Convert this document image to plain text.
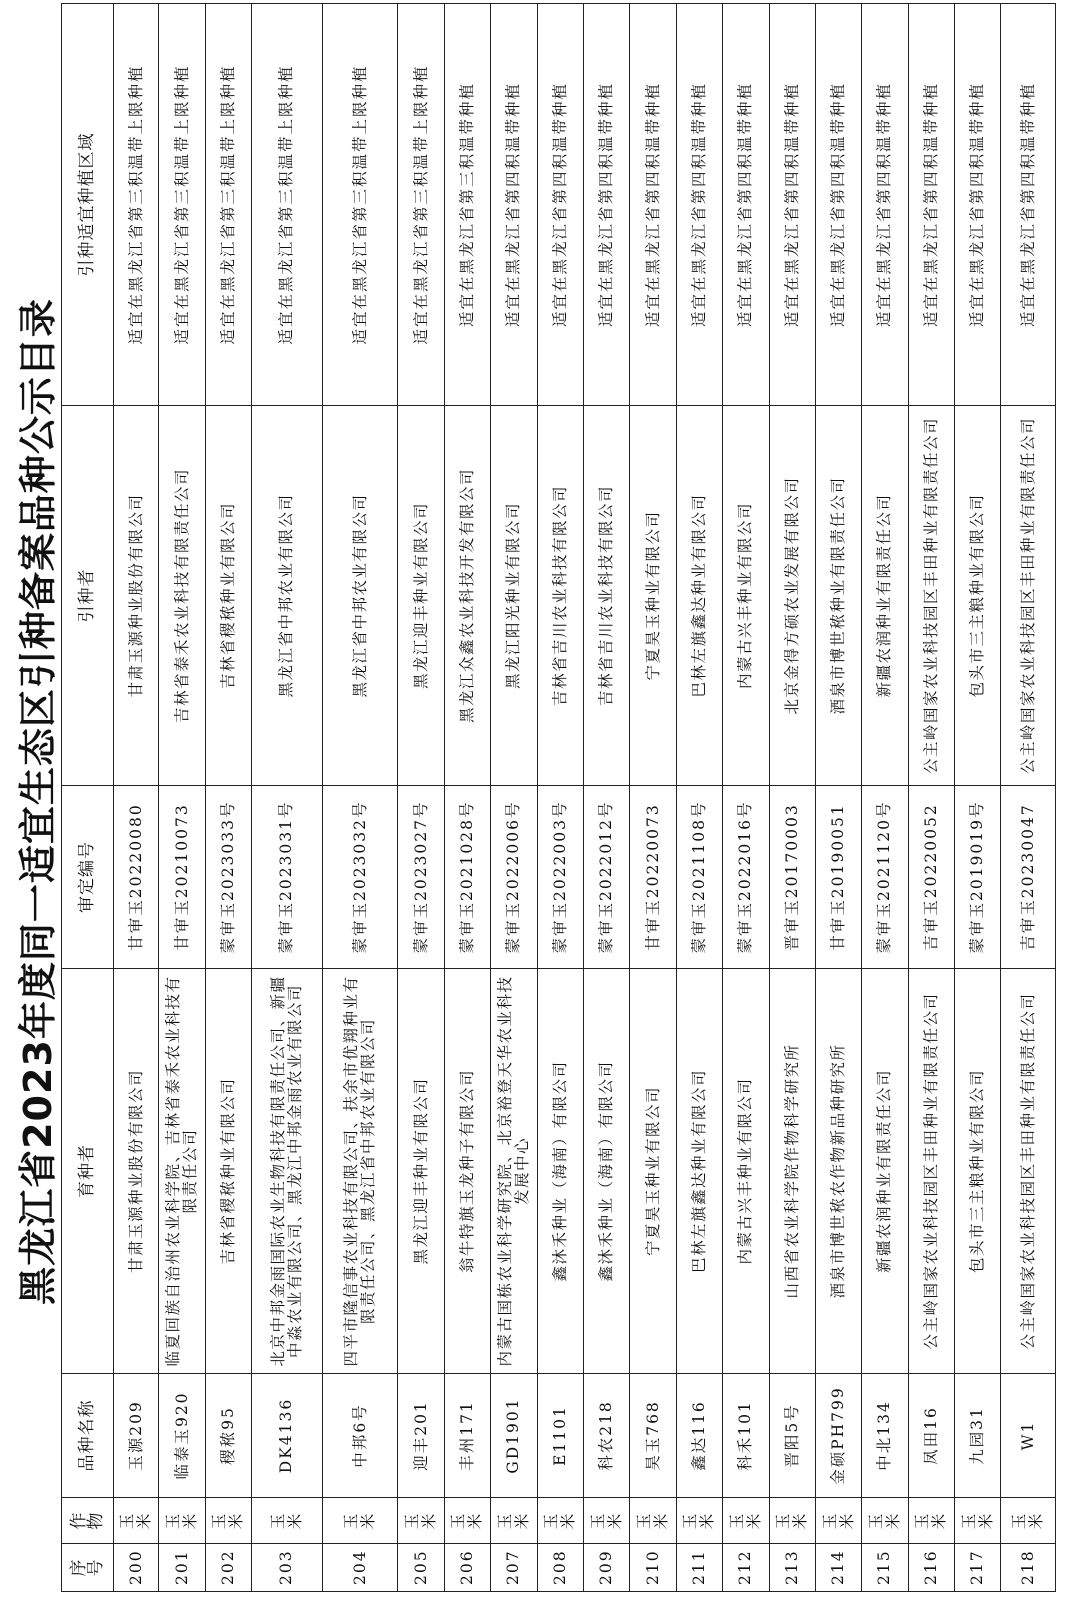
黑龙江省2023年度同一适宜生态区引种备案品种公示目录
序号	作物	品种名称	育种者	审定编号	引种者	引种适宜种植区域
200	玉米	玉源209	甘肃玉源种业股份有限公司	甘审玉20220080	甘肃玉源种业股份有限公司	适宜在黑龙江省第三积温带上限种植
201	玉米	临泰玉920	临夏回族自治州农业科学院、吉林省泰禾农业科技有限责任公司	甘审玉20210073	吉林省泰禾农业科技有限责任公司	适宜在黑龙江省第三积温带上限种植
202	玉米	稷秾95	吉林省稷秾种业有限公司	蒙审玉2023033号	吉林省稷秾种业有限公司	适宜在黑龙江省第三积温带上限种植
203	玉米	DK4136	北京中邦金雨国际农业生物科技有限责任公司、新疆中淼农业有限公司、黑龙江中邦金雨农业有限公司	蒙审玉2023031号	黑龙江省中邦农业有限公司	适宜在黑龙江省第三积温带上限种植
204	玉米	中邦6号	四平市隆信事农业科技有限公司、扶余市优翔种业有限责任公司、黑龙江省中邦农业有限公司	蒙审玉2023032号	黑龙江省中邦农业有限公司	适宜在黑龙江省第三积温带上限种植
205	玉米	迎丰201	黑龙江迎丰种业有限公司	蒙审玉2023027号	黑龙江迎丰种业有限公司	适宜在黑龙江省第三积温带上限种植
206	玉米	丰州171	翁牛特旗玉龙种子有限公司	蒙审玉2021028号	黑龙江众鑫农业科技开发有限公司	适宜在黑龙江省第三积温带种植
207	玉米	GD1901	内蒙古国栋农业科学研究院、北京裕登天华农业科技发展中心	蒙审玉2022006号	黑龙江阳光种业有限公司	适宜在黑龙江省第四积温带种植
208	玉米	E1101	鑫沐禾种业（海南）有限公司	蒙审玉2022003号	吉林省吉川农业科技有限公司	适宜在黑龙江省第四积温带种植
209	玉米	科农218	鑫沐禾种业（海南）有限公司	蒙审玉2022012号	吉林省吉川农业科技有限公司	适宜在黑龙江省第四积温带种植
210	玉米	昊玉768	宁夏昊玉种业有限公司	甘审玉20220073	宁夏昊玉种业有限公司	适宜在黑龙江省第四积温带种植
211	玉米	鑫达116	巴林左旗鑫达种业有限公司	蒙审玉2021108号	巴林左旗鑫达种业有限公司	适宜在黑龙江省第四积温带种植
212	玉米	科禾101	内蒙古兴丰种业有限公司	蒙审玉2022016号	内蒙古兴丰种业有限公司	适宜在黑龙江省第四积温带种植
213	玉米	晋阳5号	山西省农业科学院作物科学研究所	晋审玉20170003	北京金得方硕农业发展有限公司	适宜在黑龙江省第四积温带种植
214	玉米	金硕PH799	酒泉市博世秾农作物新品种研究所	甘审玉20190051	酒泉市博世秾种业有限责任公司	适宜在黑龙江省第四积温带种植
215	玉米	中北134	新疆农润种业有限责任公司	蒙审玉2021120号	新疆农润种业有限责任公司	适宜在黑龙江省第四积温带种植
216	玉米	凤田16	公主岭国家农业科技园区丰田种业有限责任公司	吉审玉20220052	公主岭国家农业科技园区丰田种业有限责任公司	适宜在黑龙江省第四积温带种植
217	玉米	九园31	包头市三主粮种业有限公司	蒙审玉2019019号	包头市三主粮种业有限公司	适宜在黑龙江省第四积温带种植
218	玉米	W1	公主岭国家农业科技园区丰田种业有限责任公司	吉审玉20230047	公主岭国家农业科技园区丰田种业有限责任公司	适宜在黑龙江省第四积温带种植
